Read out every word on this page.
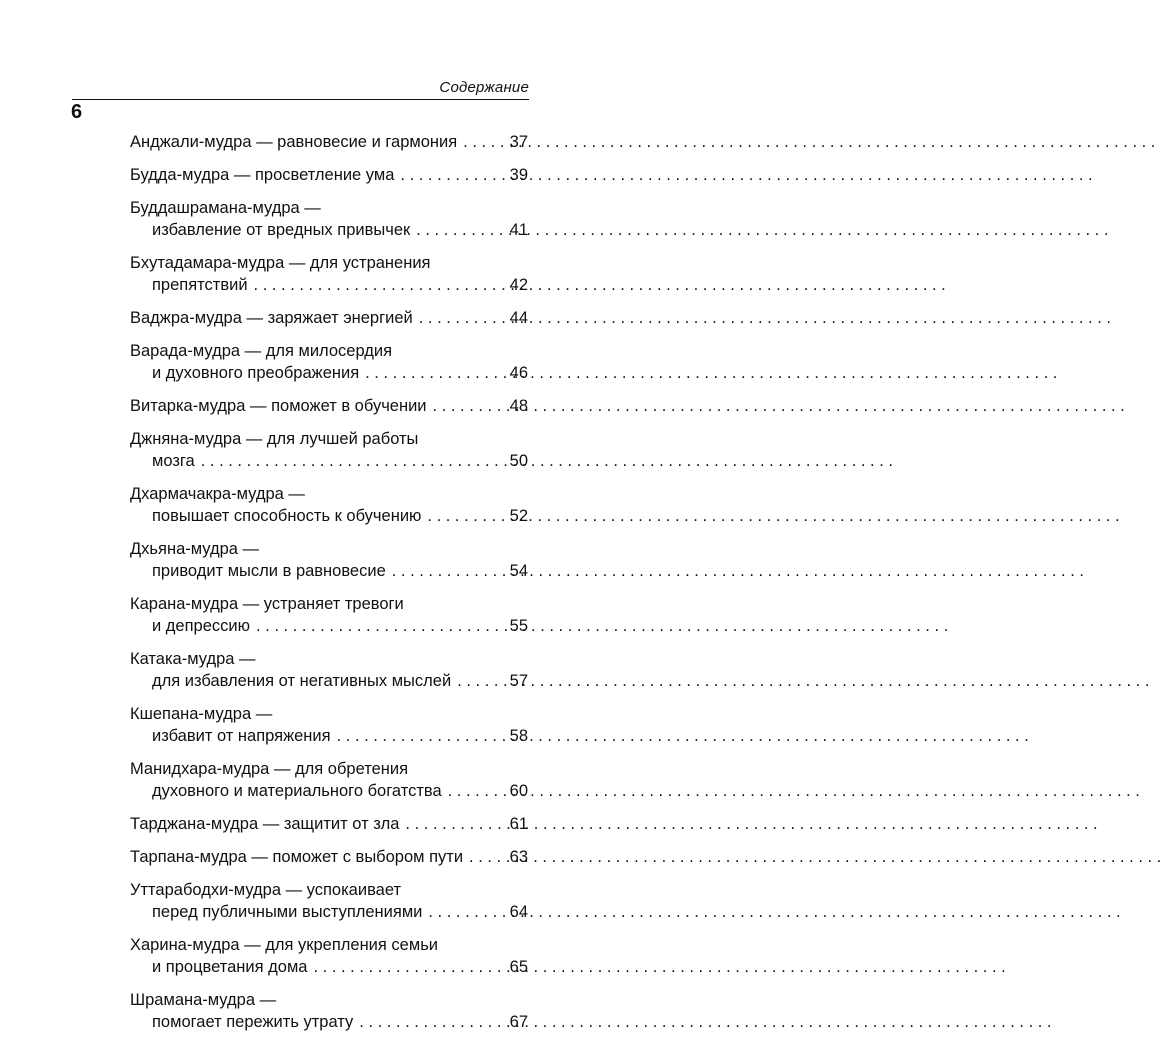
Содержание
6
Анджали-мудра — равновесие и гармония . . .	37
Будда-мудра — просветление ума . . .	39
Буддашрамана-мудра —
избавление от вредных привычек . . .	41
Бхутадамара-мудра — для устранения
препятствий . . .	42
Ваджра-мудра — заряжает энергией . . .	44
Варада-мудра — для милосердия
и духовного преображения . . .	46
Витарка-мудра — поможет в обучении . . .	48
Джняна-мудра — для лучшей работы
мозга . . .	50
Дхармачакра-мудра —
повышает способность к обучению . . .	52
Дхьяна-мудра —
приводит мысли в равновесие . . .	54
Карана-мудра — устраняет тревоги
и депрессию . . .	55
Катака-мудра —
для избавления от негативных мыслей . . .	57
Кшепана-мудра —
избавит от напряжения . . .	58
Манидхара-мудра — для обретения
духовного и материального богатства . . .	60
Тарджана-мудра — защитит от зла . . .	61
Тарпана-мудра — поможет с выбором пути . . .	63
Уттарабодхи-мудра — успокаивает
перед публичными выступлениями . . .	64
Харина-мудра — для укрепления семьи
и процветания дома . . .	65
Шрамана-мудра —
помогает пережить утрату . . .	67
